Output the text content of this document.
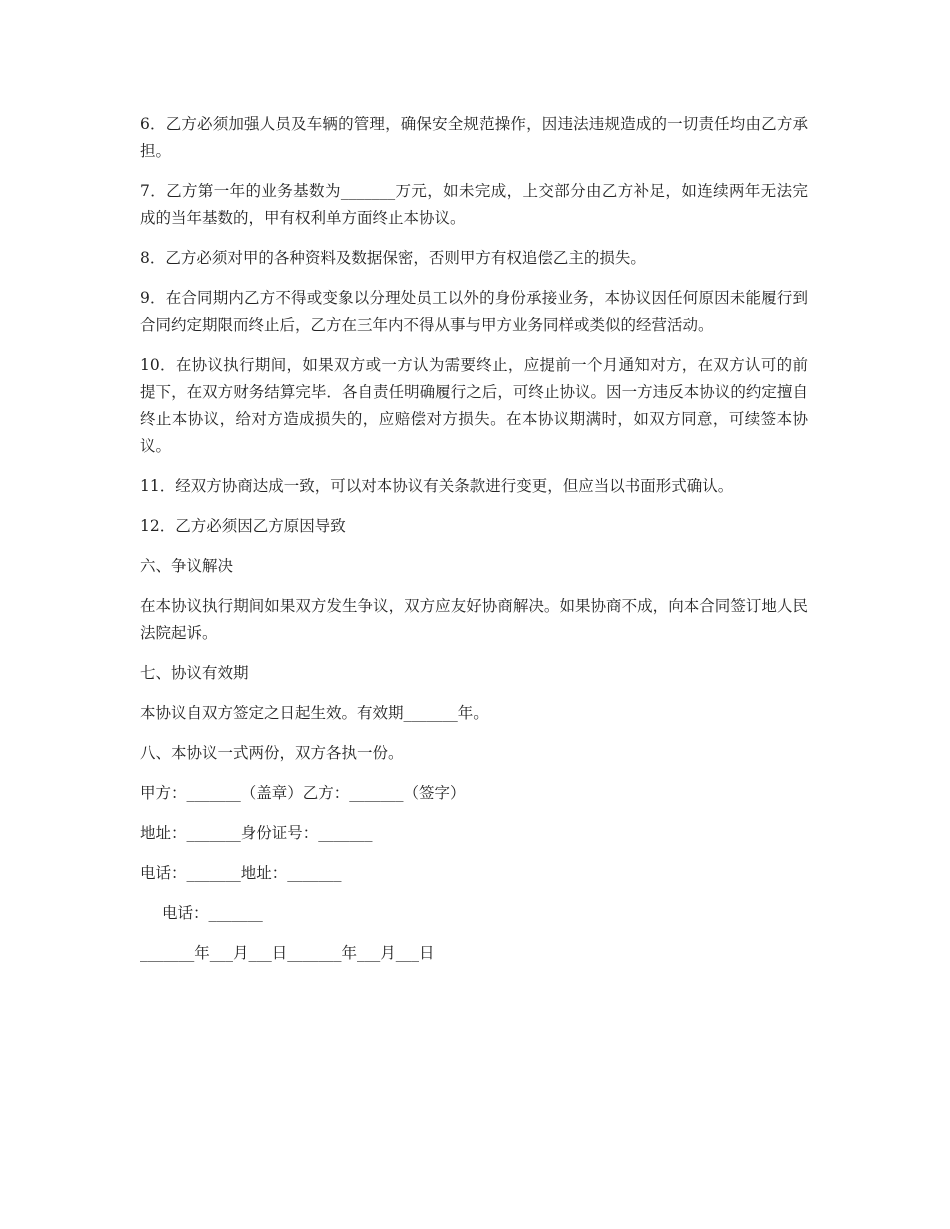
6．乙方必须加强人员及车辆的管理，确保安全规范操作，因违法违规造成的一切责任均由乙方承担。

7．乙方第一年的业务基数为_______万元，如未完成，上交部分由乙方补足，如连续两年无法完成的当年基数的，甲有权利单方面终止本协议。

8．乙方必须对甲的各种资料及数据保密，否则甲方有权追偿乙主的损失。

9．在合同期内乙方不得或变象以分理处员工以外的身份承接业务，本协议因任何原因未能履行到合同约定期限而终止后，乙方在三年内不得从事与甲方业务同样或类似的经营活动。

10．在协议执行期间，如果双方或一方认为需要终止，应提前一个月通知对方，在双方认可的前提下，在双方财务结算完毕．各自责任明确履行之后，可终止协议。因一方违反本协议的约定擅自终止本协议，给对方造成损失的，应赔偿对方损失。在本协议期满时，如双方同意，可续签本协议。

11．经双方协商达成一致，可以对本协议有关条款进行变更，但应当以书面形式确认。

12．乙方必须因乙方原因导致

六、争议解决

在本协议执行期间如果双方发生争议，双方应友好协商解决。如果协商不成，向本合同签订地人民法院起诉。

七、协议有效期

本协议自双方签定之日起生效。有效期_______年。

八、本协议一式两份，双方各执一份。

甲方：_______（盖章）乙方：_______（签字）

地址：_______身份证号：_______

电话：_______地址：_______

电话：_______

_______年___月___日_______年___月___日
